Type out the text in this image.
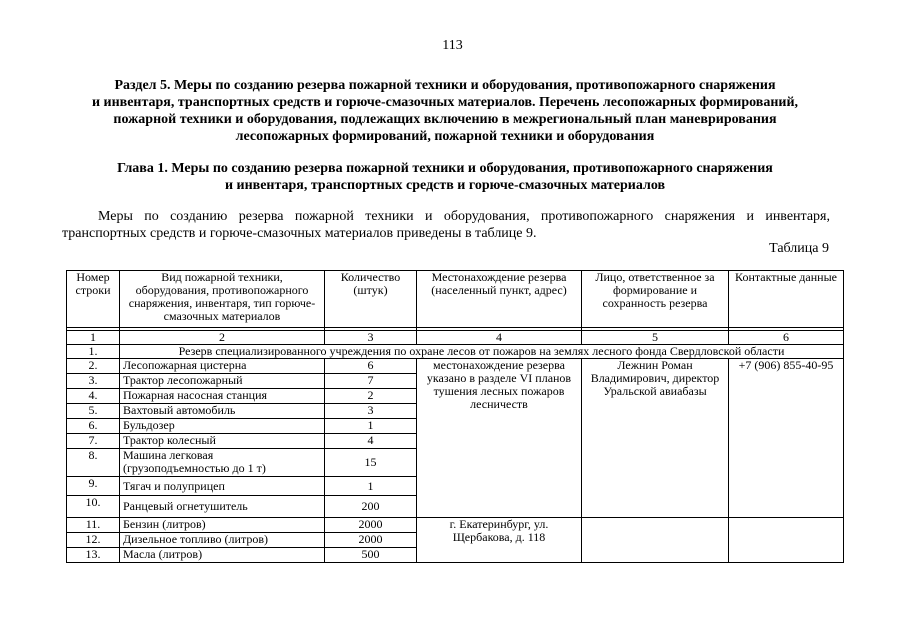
113
Раздел 5. Меры по созданию резерва пожарной техники и оборудования, противопожарного снаряжения
и инвентаря, транспортных средств и горюче-смазочных материалов. Перечень лесопожарных формирований,
пожарной техники и оборудования, подлежащих включению в межрегиональный план маневрирования
лесопожарных формирований, пожарной техники и оборудования
Глава 1. Меры по созданию резерва пожарной техники и оборудования, противопожарного снаряжения
и инвентаря, транспортных средств и горюче-смазочных материалов
Меры по созданию резерва пожарной техники и оборудования, противопожарного снаряжения и инвентаря,
транспортных средств и горюче-смазочных материалов приведены в таблице 9.
Таблица 9
Номер строки	Вид пожарной техники, оборудования, противопожарного снаряжения, инвентаря, тип горюче-смазочных материалов	Количество (штук)	Местонахождение резерва (населенный пункт, адрес)	Лицо, ответственное за формирование и сохранность резерва	Контактные данные

1	2	3	4	5	6
1.	Резерв специализированного учреждения по охране лесов от пожаров на землях лесного фонда Свердловской области				
2.	Лесопожарная цистерна	6	местонахождение резерва указано в разделе VI планов тушения лесных пожаров лесничеств	Лежнин Роман Владимирович, директор Уральской авиабазы	+7 (906) 855-40-95
3.	Трактор лесопожарный	7			
4.	Пожарная насосная станция	2			
5.	Вахтовый автомобиль	3			
6.	Бульдозер	1			
7.	Трактор колесный	4			
8.	Машина легковая (грузоподъемностью до 1 т)	15			
9.	Тягач и полуприцеп	1			
10.	Ранцевый огнетушитель	200			
11.	Бензин (литров)	2000	г. Екатеринбург, ул. Щербакова, д. 118		
12.	Дизельное топливо (литров)	2000			
13.	Масла (литров)	500			
